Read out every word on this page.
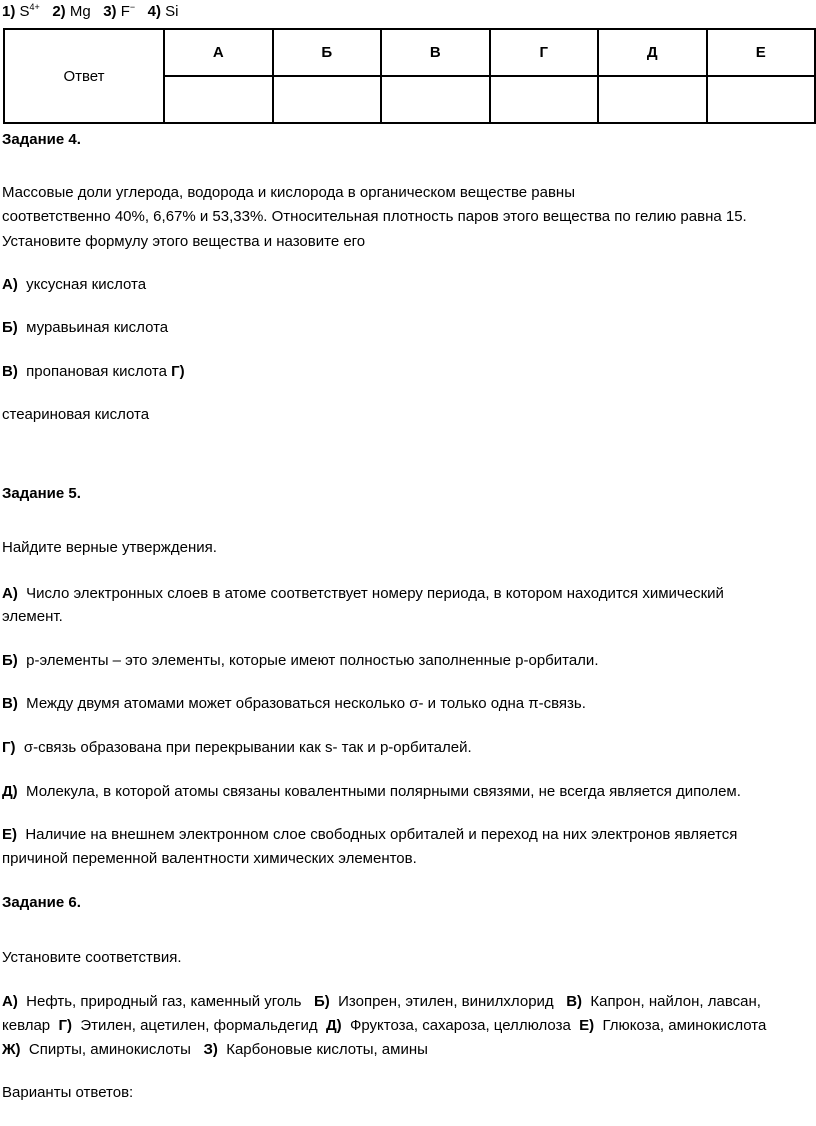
1) $S^{4+}$ 2) Mg 3) F− 4) Si
Ответ	А	Б	В	Г	Д	Е

Задание 4.
Массовые доли углерода, водорода и кислорода в органическом веществе равны
соответственно 40%, 6,67% и 53,33%. Относительная плотность паров этого вещества по гелию равна 15.
Установите формулу этого вещества и назовите его
А) уксусная кислота
Б) муравьиная кислота
В) пропановая кислота Г)
стеариновая кислота
Задание 5.
Найдите верные утверждения.
А) Число электронных слоев в атоме соответствует номеру периода, в котором находится химический
элемент.
Б) р-элементы – это элементы, которые имеют полностью заполненные р-орбитали.
В) Между двумя атомами может образоваться несколько σ- и только одна π-связь.
Г) σ-связь образована при перекрывании как s- так и р-орбиталей.
Д) Молекула, в которой атомы связаны ковалентными полярными связями, не всегда является диполем.
Е) Наличие на внешнем электронном слое свободных орбиталей и переход на них электронов является
причиной переменной валентности химических элементов.
Задание 6.
Установите соответствия.
А) Нефть, природный газ, каменный уголь Б) Изопрен, этилен, винилхлорид В) Капрон, найлон, лавсан,
кевлар Г) Этилен, ацетилен, формальдегид Д) Фруктоза, сахароза, целлюлоза Е) Глюкоза, аминокислота
Ж) Спирты, аминокислоты З) Карбоновые кислоты, амины
Варианты ответов:
